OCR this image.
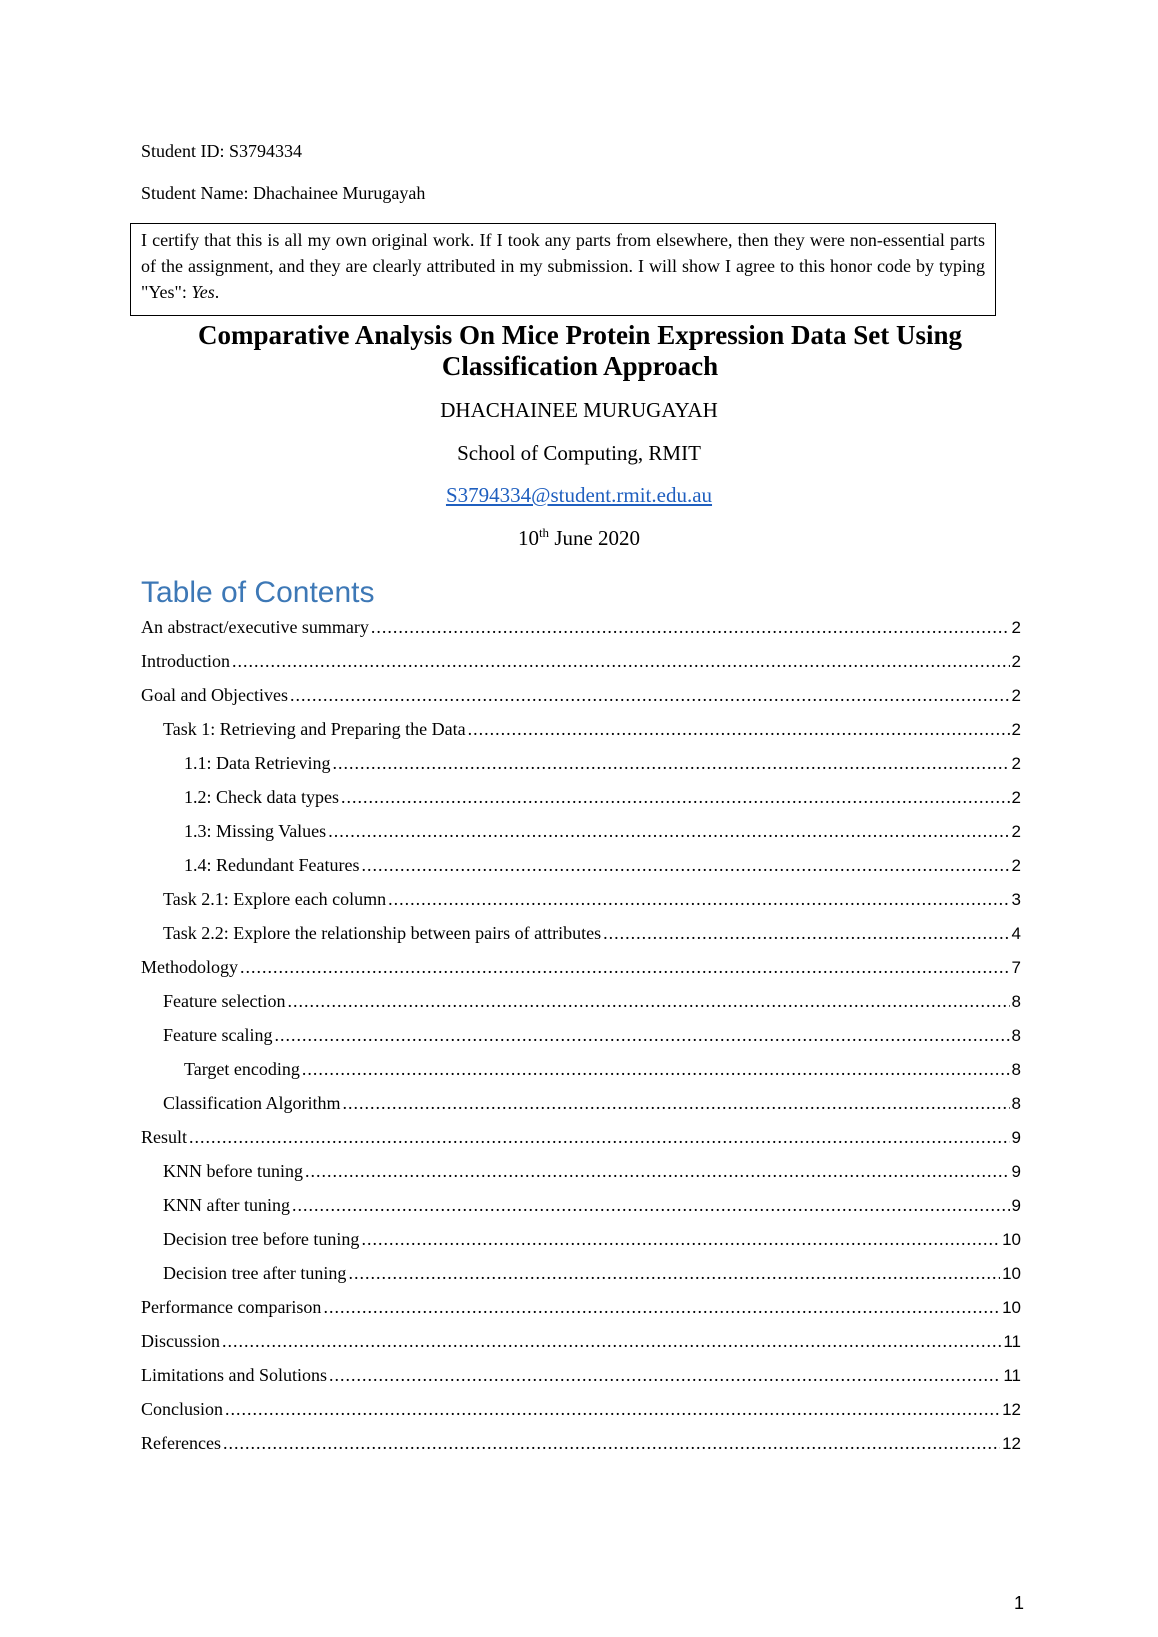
Student ID: S3794334
Student Name: Dhachainee Murugayah
I certify that this is all my own original work. If I took any parts from elsewhere, then they were non-essential parts of the assignment, and they are clearly attributed in my submission. I will show I agree to this honor code by typing "Yes": Yes.
Comparative Analysis On Mice Protein Expression Data Set Using
Classification Approach
DHACHAINEE MURUGAYAH
School of Computing, RMIT
S3794334@student.rmit.edu.au
10th June 2020
Table of Contents
An abstract/executive summary .....	2
Introduction .....	2
Goal and Objectives .....	2
Task 1: Retrieving and Preparing the Data .....	2
1.1: Data Retrieving .....	2
1.2: Check data types .....	2
1.3: Missing Values .....	2
1.4: Redundant Features .....	2
Task 2.1: Explore each column .....	3
Task 2.2: Explore the relationship between pairs of attributes .....	4
Methodology .....	7
Feature selection .....	8
Feature scaling .....	8
Target encoding .....	8
Classification Algorithm .....	8
Result .....	9
KNN before tuning .....	9
KNN after tuning .....	9
Decision tree before tuning .....	10
Decision tree after tuning .....	10
Performance comparison .....	10
Discussion .....	11
Limitations and Solutions .....	11
Conclusion .....	12
References .....	12
1
